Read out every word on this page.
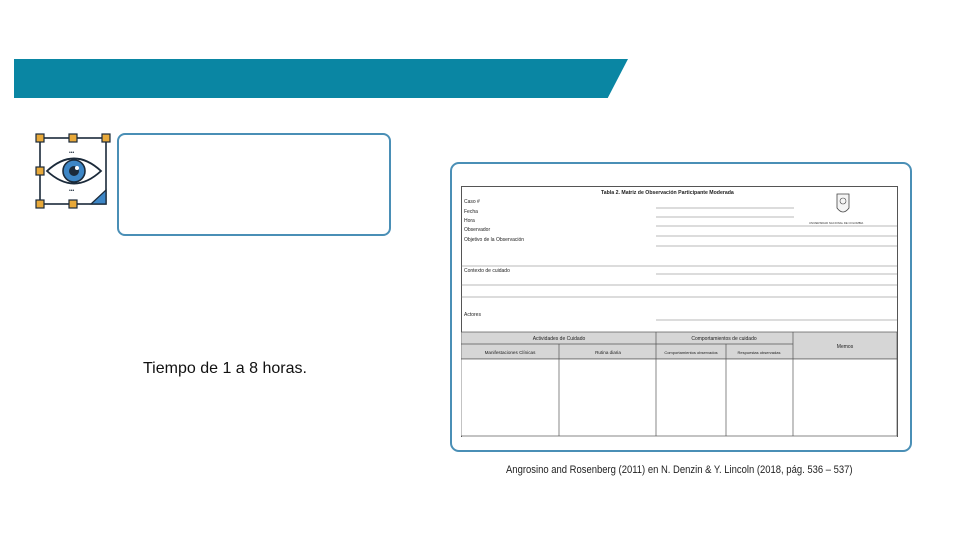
•••
•••
Tiempo de 1 a 8 horas.
Tabla 2. Matriz de Observación Participante Moderada
UNIVERSIDAD NACIONAL DE COLOMBIA
Caso #
Fecha
Hora
Observador
Objetivo de la Observación
Contexto de cuidado
Actores
Actividades de Cuidado	Comportamientos de cuidado
Manifestaciones Clínicas	Rutina diaria	Comportamientos observados	Respuestas observadas
Memos
Angrosino and Rosenberg (2011) en N. Denzin & Y. Lincoln (2018, pág. 536 – 537)
